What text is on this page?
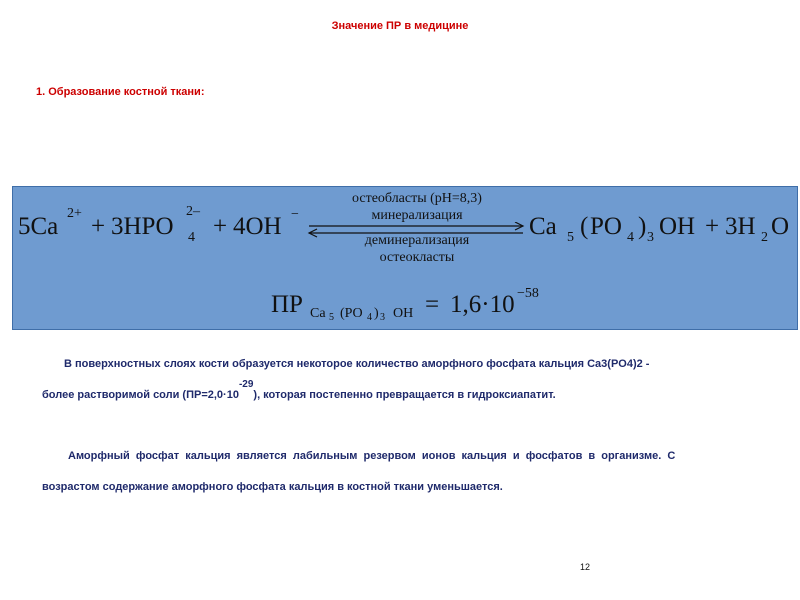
Значение ПР в медицине
1. Образование костной ткани:
5Ca 2+ + 3HPO
2–
4 + 4OH −
остеобласты (pH=8,3)
минерализация
деминерализация
остеокласты
Ca 5 ( PO 4 ) 3 OH + 3H 2 O
ПР Ca 5 (PO 4 ) 3 OH = 1,6·10 −58
В поверхностных слоях кости образуется некоторое количество аморфного фосфата кальция Ca3(PO4)2 -
более растворимой соли (ПР=2,0·10-29), которая постепенно превращается в гидроксиапатит.
Аморфный фосфат кальция является лабильным резервом ионов кальция и фосфатов в организме. С
возрастом содержание аморфного фосфата кальция в костной ткани уменьшается.
12
